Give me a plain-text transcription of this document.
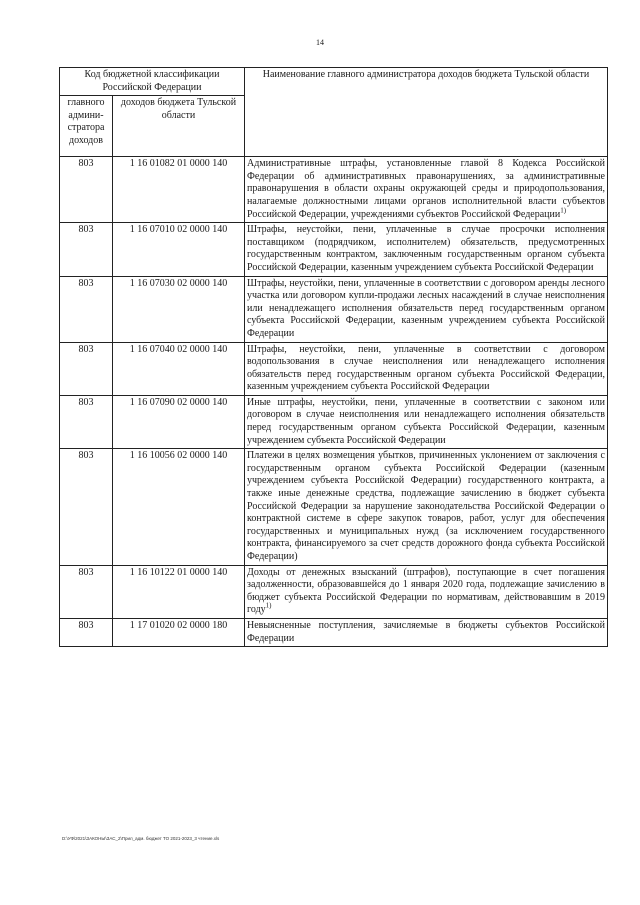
14
Код бюджетной классификации Российской Федерации		Наименование главного администратора доходов бюджета Тульской области
главного админи-стратора доходов	доходов бюджета Тульской области	
803	1 16 01082 01 0000 140	Административные штрафы, установленные главой 8 Кодекса Российской Федерации об административных правонарушениях, за административные правонарушения в области охраны окружающей среды и природопользования, налагаемые должностными лицами органов исполнительной власти субъектов Российской Федерации, учреждениями субъектов Российской Федерации$^{1)}$
803	1 16 07010 02 0000 140	Штрафы, неустойки, пени, уплаченные в случае просрочки исполнения поставщиком (подрядчиком, исполнителем) обязательств, предусмотренных государственным контрактом, заключенным государственным органом субъекта Российской Федерации, казенным учреждением субъекта Российской Федерации
803	1 16 07030 02 0000 140	Штрафы, неустойки, пени, уплаченные в соответствии с договором аренды лесного участка или договором купли-продажи лесных насаждений в случае неисполнения или ненадлежащего исполнения обязательств перед государственным органом субъекта Российской Федерации, казенным учреждением субъекта Российской Федерации
803	1 16 07040 02 0000 140	Штрафы, неустойки, пени, уплаченные в соответствии с договором водопользования в случае неисполнения или ненадлежащего исполнения обязательств перед государственным органом субъекта Российской Федерации, казенным учреждением субъекта Российской Федерации
803	1 16 07090 02 0000 140	Иные штрафы, неустойки, пени, уплаченные в соответствии с законом или договором в случае неисполнения или ненадлежащего исполнения обязательств перед государственным органом субъекта Российской Федерации, казенным учреждением субъекта Российской Федерации
803	1 16 10056 02 0000 140	Платежи в целях возмещения убытков, причиненных уклонением от заключения с государственным органом субъекта Российской Федерации (казенным учреждением субъекта Российской Федерации) государственного контракта, а также иные денежные средства, подлежащие зачислению в бюджет субъекта Российской Федерации за нарушение законодательства Российской Федерации о контрактной системе в сфере закупок товаров, работ, услуг для обеспечения государственных и муниципальных нужд (за исключением государственного контракта, финансируемого за счет средств дорожного фонда субъекта Российской Федерации)
803	1 16 10122 01 0000 140	Доходы от денежных взысканий (штрафов), поступающие в счет погашения задолженности, образовавшейся до 1 января 2020 года, подлежащие зачислению в бюджет субъекта Российской Федерации по нормативам, действовавшим в 2019 году$^{1)}$
803	1 17 01020 02 0000 180	Невыясненные поступления, зачисляемые в бюджеты субъектов Российской Федерации
D:\УФ\2021\ЗАКОНЫ\ЗАС_2\Прил_адм. бюджет ТО 2021-2023_3 чтение.xls
